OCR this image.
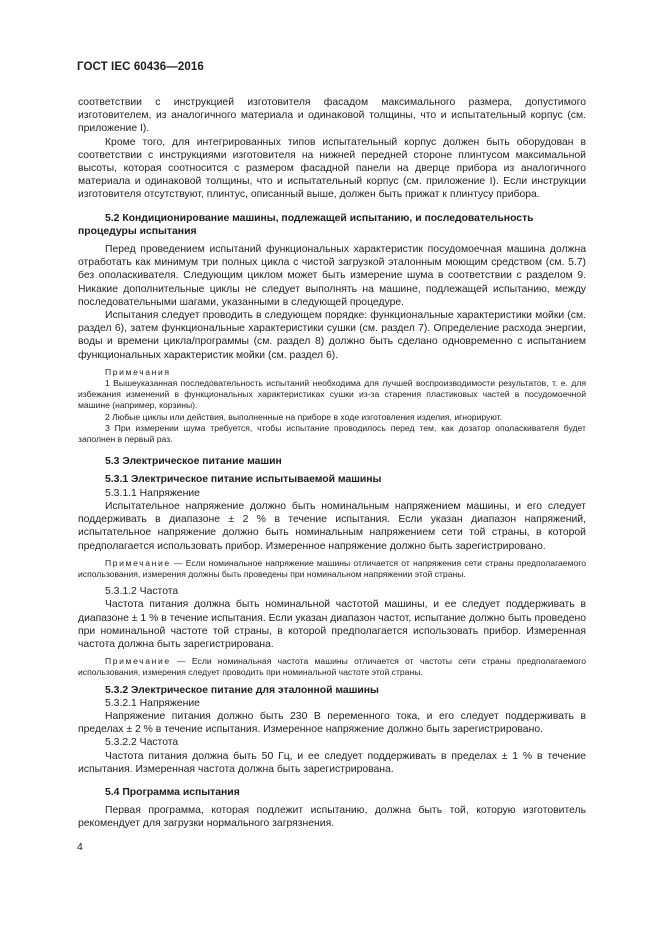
ГОСТ IEC 60436—2016

соответствии с инструкцией изготовителя фасадом максимального размера, допустимого изготовителем, из аналогичного материала и одинаковой толщины, что и испытательный корпус (см. приложение I).

Кроме того, для интегрированных типов испытательный корпус должен быть оборудован в соответствии с инструкциями изготовителя на нижней передней стороне плинтусом максимальной высоты, которая соотносится с размером фасадной панели на дверце прибора из аналогичного материала и одинаковой толщины, что и испытательный корпус (см. приложение I). Если инструкции изготовителя отсутствуют, плинтус, описанный выше, должен быть прижат к плинтусу прибора.

5.2 Кондиционирование машины, подлежащей испытанию, и последовательность процедуры испытания

Перед проведением испытаний функциональных характеристик посудомоечная машина должна отработать как минимум три полных цикла с чистой загрузкой эталонным моющим средством (см. 5.7) без ополаскивателя. Следующим циклом может быть измерение шума в соответствии с разделом 9. Никакие дополнительные циклы не следует выполнять на машине, подлежащей испытанию, между последовательными шагами, указанными в следующей процедуре.

Испытания следует проводить в следующем порядке: функциональные характеристики мойки (см. раздел 6), затем функциональные характеристики сушки (см. раздел 7). Определение расхода энергии, воды и времени цикла/программы (см. раздел 8) должно быть сделано одновременно с испытанием функциональных характеристик мойки (см. раздел 6).

Примечания

1 Вышеуказанная последовательность испытаний необходима для лучшей воспроизводимости результатов, т. е. для избежания изменений в функциональных характеристиках сушки из-за старения пластиковых частей в посудомоечной машине (например, корзины).

2 Любые циклы или действия, выполненные на приборе в ходе изготовления изделия, игнорируют.

3 При измерении шума требуется, чтобы испытание проводилось перед тем, как дозатор ополаскивателя будет заполнен в первый раз.

5.3 Электрическое питание машин

5.3.1 Электрическое питание испытываемой машины

5.3.1.1 Напряжение

Испытательное напряжение должно быть номинальным напряжением машины, и его следует поддерживать в диапазоне ± 2 % в течение испытания. Если указан диапазон напряжений, испытательное напряжение должно быть номинальным напряжением сети той страны, в которой предполагается использовать прибор. Измеренное напряжение должно быть зарегистрировано.

Примечание — Если номинальное напряжение машины отличается от напряжения сети страны предполагаемого использования, измерения должны быть проведены при номинальном напряжении этой страны.

5.3.1.2 Частота

Частота питания должна быть номинальной частотой машины, и ее следует поддерживать в диапазоне ± 1 % в течение испытания. Если указан диапазон частот, испытание должно быть проведено при номинальной частоте той страны, в которой предполагается использовать прибор. Измеренная частота должна быть зарегистрирована.

Примечание — Если номинальная частота машины отличается от частоты сети страны предполагаемого использования, измерения следует проводить при номинальной частоте этой страны.

5.3.2 Электрическое питание для эталонной машины

5.3.2.1 Напряжение

Напряжение питания должно быть 230 В переменного тока, и его следует поддерживать в пределах ± 2 % в течение испытания. Измеренное напряжение должно быть зарегистрировано.

5.3.2.2 Частота

Частота питания должна быть 50 Гц, и ее следует поддерживать в пределах ± 1 % в течение испытания. Измеренная частота должна быть зарегистрирована.

5.4 Программа испытания

Первая программа, которая подлежит испытанию, должна быть той, которую изготовитель рекомендует для загрузки нормального загрязнения.

4
